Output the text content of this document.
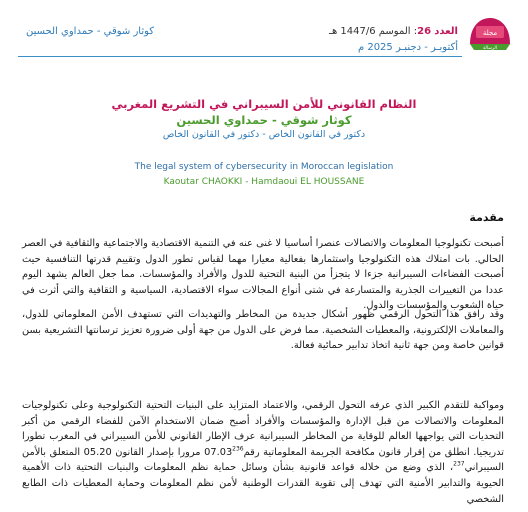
مجلة
الرسالة
العدد 26: الموسم 1447/6 هـ
أكتوبـر - دجنبـر 2025 م
كوثار شوقي - حمداوي الحسين
النظام القانوني للأمن السيبراني في التشريع المغربي
كوثار شوقي - حمداوي الحسين
دكتور في القانون الخاص - دكتور في القانون الخاص
The legal system of cybersecurity in Moroccan legislation
Kaoutar CHAOKKI - Hamdaoui EL HOUSSANE
مقدمة

أصبحت تكنولوجيا المعلومات والاتصالات عنصرا أساسيا لا غنى عنه في التنمية الاقتصادية والاجتماعية والثقافية في العصر الحالي. بات امتلاك هذه التكنولوجيا واستثمارها بفعالية معيارا مهما لقياس تطور الدول وتقييم قدرتها التنافسية حيث أصبحت الفضاءات السيبرانية جزءا لا يتجزأ من البنية التحتية للدول والأفراد والمؤسسات. مما جعل العالم يشهد اليوم عددا من التغييرات الجذرية والمتسارعة في شتى أنواع المجالات سواء الاقتصادية، السياسية و الثقافية والتي أثرت في حياة الشعوب والمؤسسات والدول.

وقد رافق هذا التحول الرقمي ظهور أشكال جديدة من المخاطر والتهديدات التي تستهدف الأمن المعلوماتي للدول، والمعاملات الإلكترونية، والمعطيات الشخصية. مما فرض على الدول من جهة أولى ضرورة تعزيز ترسانتها التشريعية بسن قوانين خاصة ومن جهة ثانية اتخاذ تدابير حمائية فعالة.

ومواكبة للتقدم الكبير الذي عرفه التحول الرقمي، والاعتماد المتزايد على البنيات التحتية التكنولوجية وعلى تكنولوجيات المعلومات والاتصالات من قبل الإدارة والمؤسسات والأفراد أصبح ضمان الاستخدام الآمن للفضاء الرقمي من أكبر التحديات التي يواجهها العالم للوقاية من المخاطر السيبرانية عرف الإطار القانوني للأمن السيبراني في المغرب تطورا تدريجيا. انطلق من إقرار قانون مكافحة الجريمة المعلوماتية رقم07.03$^{236}$ مرورا بإصدار القانون 05.20 المتعلق بالأمن السيبراني$^{237}$، الذي وضع من خلاله قواعد قانونية بشأن وسائل حماية نظم المعلومات والبنيات التحتية ذات الأهمية الحيوية والتدابير الأمنية التي تهدف إلى تقوية القدرات الوطنية لأمن نظم المعلومات وحماية المعطيات ذات الطابع الشخصي
